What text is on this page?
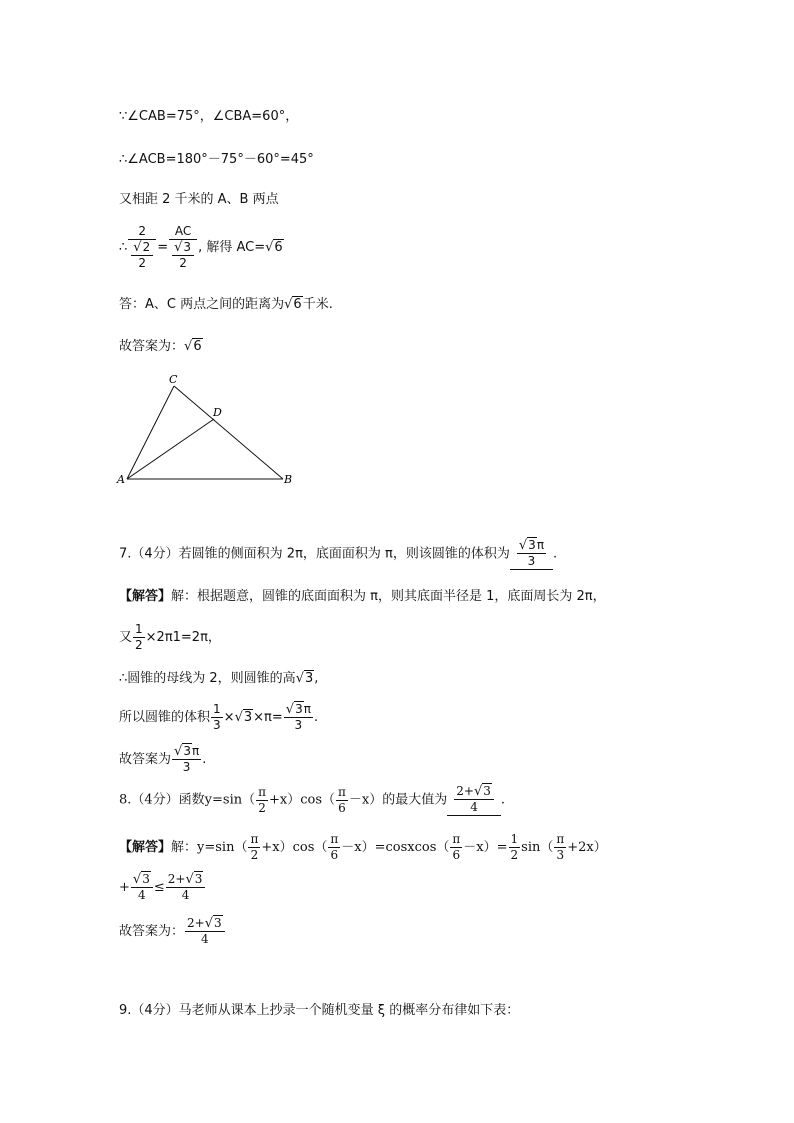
∵∠CAB=75°，∠CBA=60°，
∴∠ACB=180°－75°－60°=45°
又相距 2 千米的 A、B 两点
∴ $\frac{2}{\frac{√2}{2}} = \frac{AC}{\frac{√3}{2}}$ , 解得 AC=√6
答：A、C 两点之间的距离为√6千米.
故答案为：√6
A	B
C
D
7.（4分）若圆锥的侧面积为 2π，底面面积为 π，则该圆锥的体积为 $\frac{√3\pi}{3}$ .
【解答】解：根据题意，圆锥的底面面积为 π，则其底面半径是 1，底面周长为 2π，
又 $\frac{1}{2} \times 2\pi 1=2\pi$，
∴圆锥的母线为 2，则圆锥的高√3,
所以圆锥的体积 $\frac{1}{3} \times√3\times\pi= \frac{√3\pi}{3}$ .
故答案为 $\frac{√3\pi}{3}$ .
8.（4分）函数$y=\sin( \frac{\pi}{2} +x)\cos( \frac{\pi}{6} -x)$的最大值为 $\frac{2+√3}{4}$ .
【解答】解：$y=\sin( \frac{\pi}{2} +x)\cos( \frac{\pi}{6}$ －x）=cosxcos（ $\frac{\pi}{6} -x)= \frac{1}{2} \sin( \frac{\pi}{3} +2x)$
+ $\frac{√3}{4} \le \frac{2+√3}{4}$
故答案为： $\frac{2+√3}{4}$
9.（4分）马老师从课本上抄录一个随机变量 ξ 的概率分布律如下表：
